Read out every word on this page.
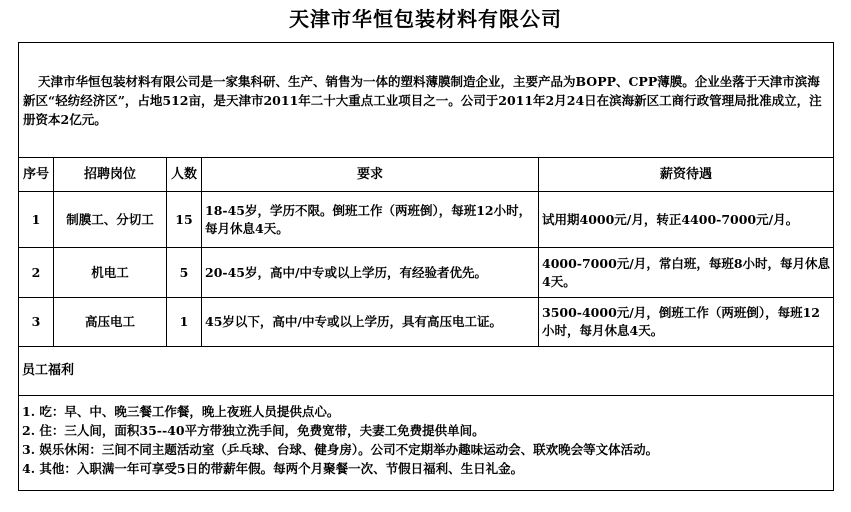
天津市华恒包装材料有限公司
天津市华恒包装材料有限公司是一家集科研、生产、销售为一体的塑料薄膜制造企业，主要产品为BOPP、CPP薄膜。企业坐落于天津市滨海新区“轻纺经济区”，占地512亩，是天津市2011年二十大重点工业项目之一。公司于2011年2月24日在滨海新区工商行政管理局批准成立，注册资本2亿元。				
序号	招聘岗位	人数	要求	薪资待遇
1	制膜工、分切工	15	18-45岁，学历不限。倒班工作（两班倒），每班12小时，每月休息4天。	试用期4000元/月，转正4400-7000元/月。
2	机电工	5	20-45岁，高中/中专或以上学历，有经验者优先。	4000-7000元/月，常白班，每班8小时，每月休息4天。
3	高压电工	1	45岁以下，高中/中专或以上学历，具有高压电工证。	3500-4000元/月，倒班工作（两班倒），每班12小时，每月休息4天。
员工福利				

1. 吃：早、中、晚三餐工作餐，晚上夜班人员提供点心。
2. 住：三人间，面积35--40平方带独立洗手间，免费宽带，夫妻工免费提供单间。
3. 娱乐休闲：三间不同主题活动室（乒乓球、台球、健身房）。公司不定期举办趣味运动会、联欢晚会等文体活动。
4. 其他：入职满一年可享受5日的带薪年假。每两个月聚餐一次、节假日福利、生日礼金。				
